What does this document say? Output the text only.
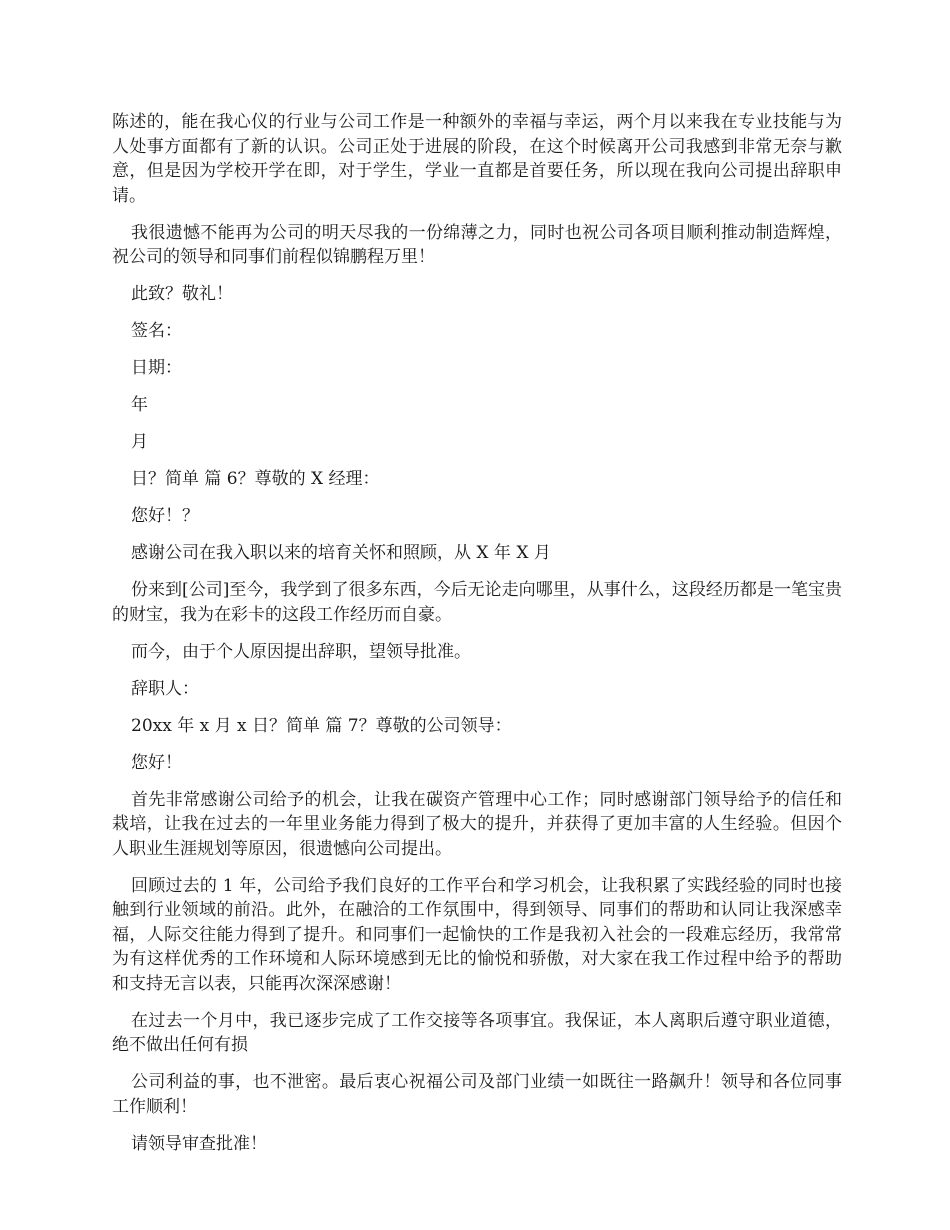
陈述的，能在我心仪的行业与公司工作是一种额外的幸福与幸运，两个月以来我在专业技能与为人处事方面都有了新的认识。公司正处于进展的阶段，在这个时候离开公司我感到非常无奈与歉意，但是因为学校开学在即，对于学生，学业一直都是首要任务，所以现在我向公司提出辞职申请。

我很遗憾不能再为公司的明天尽我的一份绵薄之力，同时也祝公司各项目顺利推动制造辉煌，祝公司的领导和同事们前程似锦鹏程万里！

此致？敬礼！

签名：

日期：

年

月

日？简单 篇 6？尊敬的 X 经理：

您好！？

感谢公司在我入职以来的培育关怀和照顾，从 X 年 X 月

份来到[公司]至今，我学到了很多东西，今后无论走向哪里，从事什么，这段经历都是一笔宝贵的财宝，我为在彩卡的这段工作经历而自豪。

而今，由于个人原因提出辞职，望领导批准。

辞职人：

20xx 年 x 月 x 日？简单 篇 7？尊敬的公司领导：

您好！

首先非常感谢公司给予的机会，让我在碳资产管理中心工作；同时感谢部门领导给予的信任和栽培，让我在过去的一年里业务能力得到了极大的提升，并获得了更加丰富的人生经验。但因个人职业生涯规划等原因，很遗憾向公司提出。

回顾过去的 1 年，公司给予我们良好的工作平台和学习机会，让我积累了实践经验的同时也接触到行业领域的前沿。此外，在融洽的工作氛围中，得到领导、同事们的帮助和认同让我深感幸福，人际交往能力得到了提升。和同事们一起愉快的工作是我初入社会的一段难忘经历，我常常为有这样优秀的工作环境和人际环境感到无比的愉悦和骄傲，对大家在我工作过程中给予的帮助和支持无言以表，只能再次深深感谢！

在过去一个月中，我已逐步完成了工作交接等各项事宜。我保证，本人离职后遵守职业道德，绝不做出任何有损

公司利益的事，也不泄密。最后衷心祝福公司及部门业绩一如既往一路飙升！领导和各位同事工作顺利！

请领导审查批准！
